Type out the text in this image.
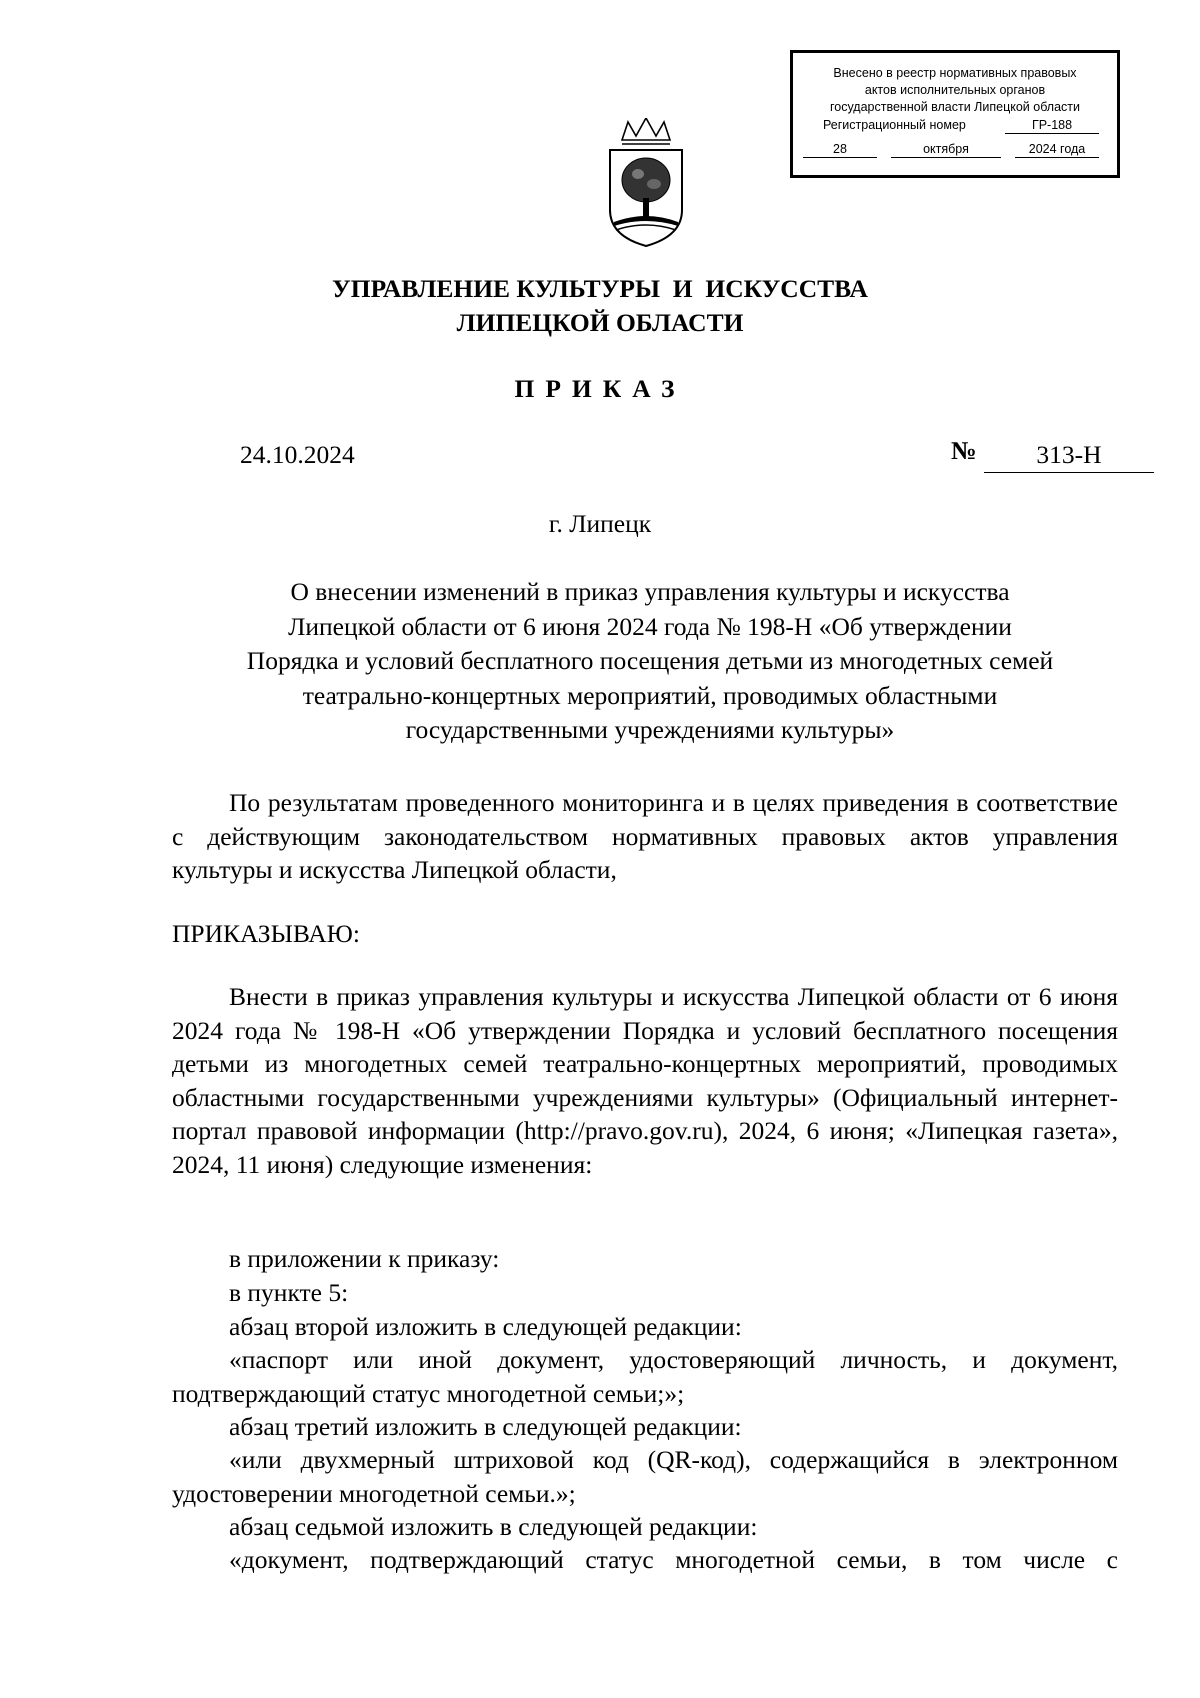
Внесено в реестр нормативных правовых
актов исполнительных органов
государственной власти Липецкой области
Регистрационный номер	ГР-188
28	октября	2024 года
УПРАВЛЕНИЕ КУЛЬТУРЫ  И  ИСКУССТВА
ЛИПЕЦКОЙ ОБЛАСТИ
ПРИКАЗ
24.10.2024	№	313-Н
г. Липецк
О внесении изменений в приказ управления культуры и искусства
Липецкой области от 6 июня 2024 года № 198-Н «Об утверждении
Порядка и условий бесплатного посещения детьми из многодетных семей
театрально-концертных мероприятий, проводимых областными
государственными учреждениями культуры»
По результатам проведенного мониторинга и в целях приведения в соответствие с действующим законодательством нормативных правовых актов управления культуры и искусства Липецкой области,
ПРИКАЗЫВАЮ:
Внести в приказ управления культуры и искусства Липецкой области от 6 июня 2024 года № 198-Н «Об утверждении Порядка и условий бесплатного посещения детьми из многодетных семей театрально-концертных мероприятий, проводимых областными государственными учреждениями культуры» (Официальный интернет-портал правовой информации (http://pravo.gov.ru), 2024, 6 июня; «Липецкая газета», 2024, 11 июня) следующие изменения:
в приложении к приказу:
в пункте 5:
абзац второй изложить в следующей редакции:
«паспорт или иной документ, удостоверяющий личность, и документ, подтверждающий статус многодетной семьи;»;
абзац третий изложить в следующей редакции:
«или двухмерный штриховой код (QR-код), содержащийся в электронном удостоверении многодетной семьи.»;
абзац седьмой изложить в следующей редакции:
«документ, подтверждающий статус многодетной семьи, в том числе с
